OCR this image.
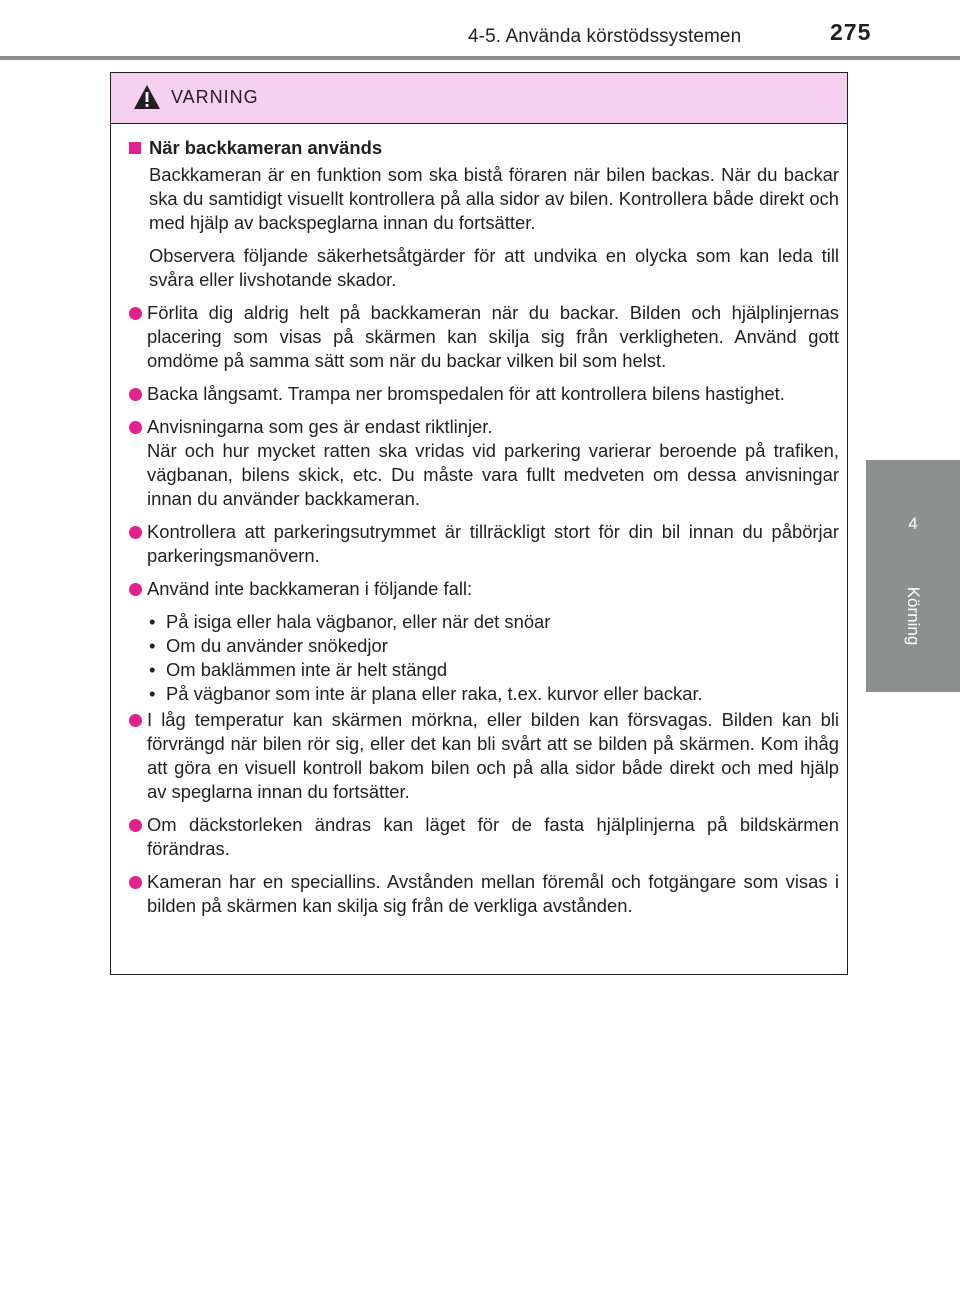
4-5. Använda körstödssystemen	275
4
Körning
VARNING
När backkameran används
Backkameran är en funktion som ska bistå föraren när bilen backas. När du backar ska du samtidigt visuellt kontrollera på alla sidor av bilen. Kontrollera både direkt och med hjälp av backspeglarna innan du fortsätter.
Observera följande säkerhetsåtgärder för att undvika en olycka som kan leda till svåra eller livshotande skador.
Förlita dig aldrig helt på backkameran när du backar. Bilden och hjälplinjernas placering som visas på skärmen kan skilja sig från verkligheten. Använd gott omdöme på samma sätt som när du backar vilken bil som helst.
Backa långsamt. Trampa ner bromspedalen för att kontrollera bilens hastighet.

Anvisningarna som ges är endast riktlinjer.

När och hur mycket ratten ska vridas vid parkering varierar beroende på trafiken, vägbanan, bilens skick, etc. Du måste vara fullt medveten om dessa anvisningar innan du använder backkameran.

Kontrollera att parkeringsutrymmet är tillräckligt stort för din bil innan du påbörjar parkeringsmanövern.
Använd inte backkameran i följande fall:
• På isiga eller hala vägbanor, eller när det snöar
• Om du använder snökedjor
• Om baklämmen inte är helt stängd
• På vägbanor som inte är plana eller raka, t.ex. kurvor eller backar.
I låg temperatur kan skärmen mörkna, eller bilden kan försvagas. Bilden kan bli förvrängd när bilen rör sig, eller det kan bli svårt att se bilden på skärmen. Kom ihåg att göra en visuell kontroll bakom bilen och på alla sidor både direkt och med hjälp av speglarna innan du fortsätter.
Om däckstorleken ändras kan läget för de fasta hjälplinjerna på bildskärmen förändras.
Kameran har en speciallins. Avstånden mellan föremål och fotgängare som visas i bilden på skärmen kan skilja sig från de verkliga avstånden.
